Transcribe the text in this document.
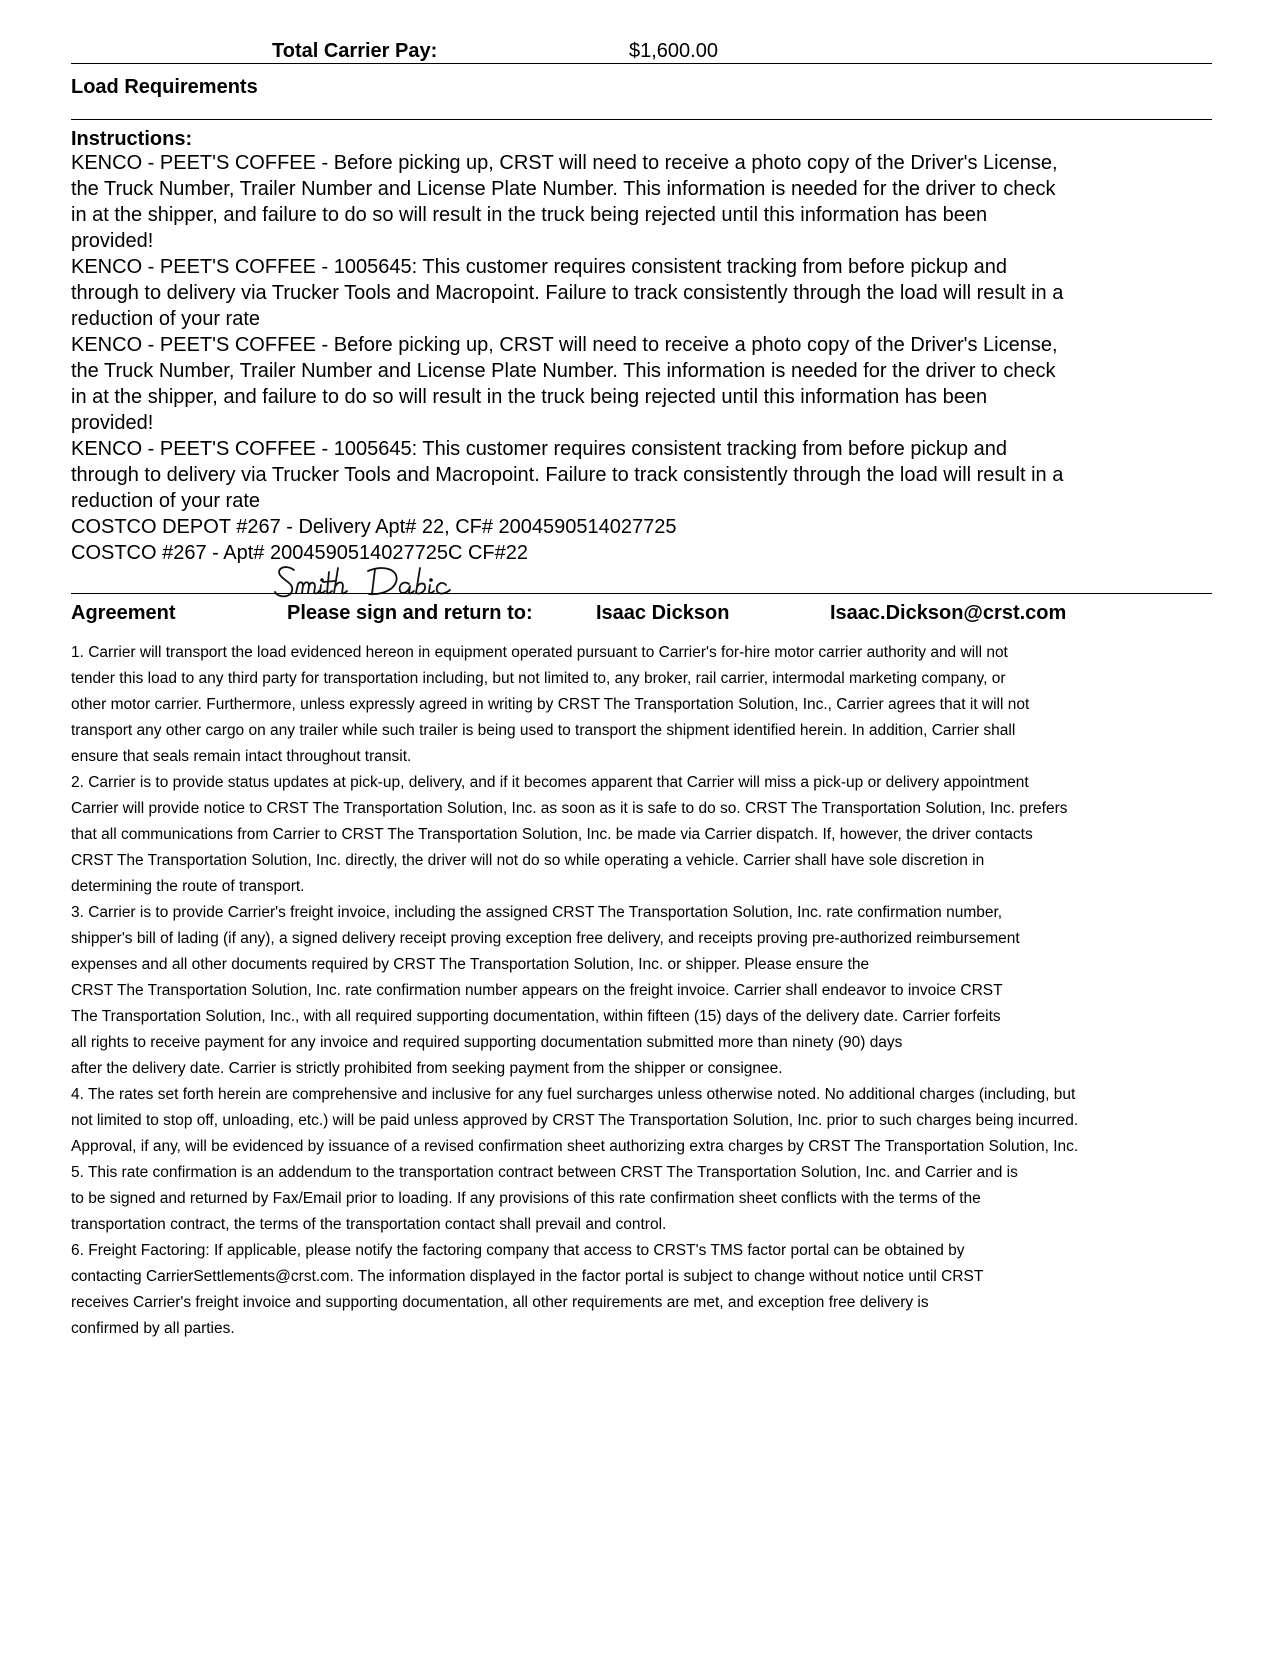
Total Carrier Pay:	$1,600.00
Load Requirements
Instructions:
KENCO - PEET'S COFFEE - Before picking up, CRST will need to receive a photo copy of the Driver's License,
the Truck Number, Trailer Number and License Plate Number. This information is needed for the driver to check
in at the shipper, and failure to do so will result in the truck being rejected until this information has been
provided!
KENCO - PEET'S COFFEE - 1005645: This customer requires consistent tracking from before pickup and
through to delivery via Trucker Tools and Macropoint. Failure to track consistently through the load will result in a
reduction of your rate
KENCO - PEET'S COFFEE - Before picking up, CRST will need to receive a photo copy of the Driver's License,
the Truck Number, Trailer Number and License Plate Number. This information is needed for the driver to check
in at the shipper, and failure to do so will result in the truck being rejected until this information has been
provided!
KENCO - PEET'S COFFEE - 1005645: This customer requires consistent tracking from before pickup and
through to delivery via Trucker Tools and Macropoint. Failure to track consistently through the load will result in a
reduction of your rate
COSTCO DEPOT #267 - Delivery Apt# 22, CF# 2004590514027725
COSTCO #267 - Apt# 2004590514027725C CF#22
Agreement	Please sign and return to:	Isaac Dickson	Isaac.Dickson@crst.com
1. Carrier will transport the load evidenced hereon in equipment operated pursuant to Carrier's for-hire motor carrier authority and will not
tender this load to any third party for transportation including, but not limited to, any broker, rail carrier, intermodal marketing company, or
other motor carrier. Furthermore, unless expressly agreed in writing by CRST The Transportation Solution, Inc., Carrier agrees that it will not
transport any other cargo on any trailer while such trailer is being used to transport the shipment identified herein. In addition, Carrier shall
ensure that seals remain intact throughout transit.
2. Carrier is to provide status updates at pick-up, delivery, and if it becomes apparent that Carrier will miss a pick-up or delivery appointment
Carrier will provide notice to CRST The Transportation Solution, Inc. as soon as it is safe to do so. CRST The Transportation Solution, Inc. prefers
that all communications from Carrier to CRST The Transportation Solution, Inc. be made via Carrier dispatch. If, however, the driver contacts
CRST The Transportation Solution, Inc. directly, the driver will not do so while operating a vehicle. Carrier shall have sole discretion in
determining the route of transport.
3. Carrier is to provide Carrier's freight invoice, including the assigned CRST The Transportation Solution, Inc. rate confirmation number,
shipper's bill of lading (if any), a signed delivery receipt proving exception free delivery, and receipts proving pre-authorized reimbursement
expenses and all other documents required by CRST The Transportation Solution, Inc. or shipper. Please ensure the
CRST The Transportation Solution, Inc. rate confirmation number appears on the freight invoice. Carrier shall endeavor to invoice CRST
The Transportation Solution, Inc., with all required supporting documentation, within fifteen (15) days of the delivery date. Carrier forfeits
all rights to receive payment for any invoice and required supporting documentation submitted more than ninety (90) days
after the delivery date. Carrier is strictly prohibited from seeking payment from the shipper or consignee.
4. The rates set forth herein are comprehensive and inclusive for any fuel surcharges unless otherwise noted. No additional charges (including, but
not limited to stop off, unloading, etc.) will be paid unless approved by CRST The Transportation Solution, Inc. prior to such charges being incurred.
Approval, if any, will be evidenced by issuance of a revised confirmation sheet authorizing extra charges by CRST The Transportation Solution, Inc.
5. This rate confirmation is an addendum to the transportation contract between CRST The Transportation Solution, Inc. and Carrier and is
to be signed and returned by Fax/Email prior to loading. If any provisions of this rate confirmation sheet conflicts with the terms of the
transportation contract, the terms of the transportation contact shall prevail and control.
6. Freight Factoring: If applicable, please notify the factoring company that access to CRST's TMS factor portal can be obtained by
contacting CarrierSettlements@crst.com. The information displayed in the factor portal is subject to change without notice until CRST
receives Carrier's freight invoice and supporting documentation, all other requirements are met, and exception free delivery is
confirmed by all parties.
